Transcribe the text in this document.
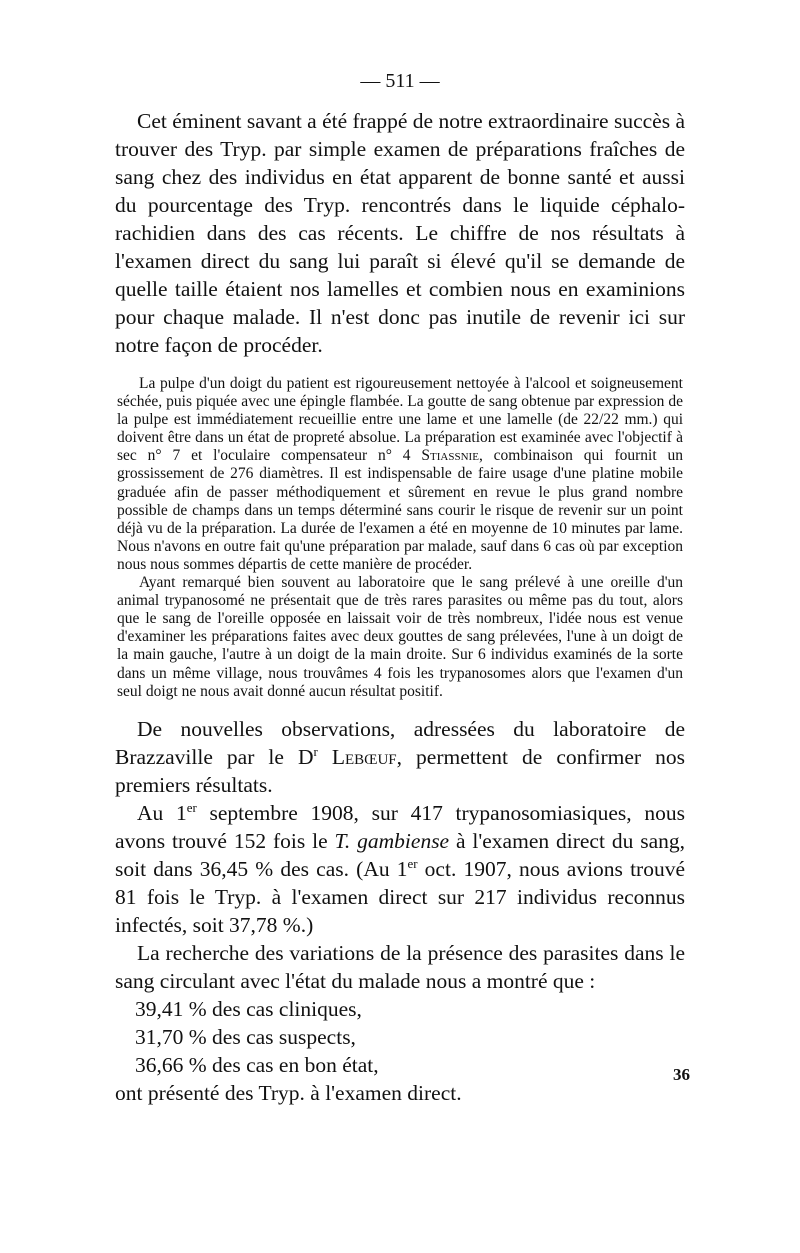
— 511 —

Cet éminent savant a été frappé de notre extraordinaire succès à trouver des Tryp. par simple examen de préparations fraîches de sang chez des individus en état apparent de bonne santé et aussi du pourcentage des Tryp. rencontrés dans le liquide céphalo-rachidien dans des cas récents. Le chiffre de nos résultats à l'examen direct du sang lui paraît si élevé qu'il se demande de quelle taille étaient nos lamelles et combien nous en examinions pour chaque malade. Il n'est donc pas inutile de revenir ici sur notre façon de procéder.

La pulpe d'un doigt du patient est rigoureusement nettoyée à l'alcool et soigneusement séchée, puis piquée avec une épingle flambée. La goutte de sang obtenue par expression de la pulpe est immédiatement recueillie entre une lame et une lamelle (de 22/22 mm.) qui doivent être dans un état de propreté absolue. La préparation est examinée avec l'objectif à sec n° 7 et l'oculaire compensateur n° 4 Stiassnie, combinaison qui fournit un grossissement de 276 diamètres. Il est indispensable de faire usage d'une platine mobile graduée afin de passer méthodiquement et sûrement en revue le plus grand nombre possible de champs dans un temps déterminé sans courir le risque de revenir sur un point déjà vu de la préparation. La durée de l'examen a été en moyenne de 10 minutes par lame. Nous n'avons en outre fait qu'une préparation par malade, sauf dans 6 cas où par exception nous nous sommes départis de cette manière de procéder.

Ayant remarqué bien souvent au laboratoire que le sang prélevé à une oreille d'un animal trypanosomé ne présentait que de très rares parasites ou même pas du tout, alors que le sang de l'oreille opposée en laissait voir de très nombreux, l'idée nous est venue d'examiner les préparations faites avec deux gouttes de sang prélevées, l'une à un doigt de la main gauche, l'autre à un doigt de la main droite. Sur 6 individus examinés de la sorte dans un même village, nous trouvâmes 4 fois les trypanosomes alors que l'examen d'un seul doigt ne nous avait donné aucun résultat positif.

De nouvelles observations, adressées du laboratoire de Brazzaville par le $D^r$ Lebœuf, permettent de confirmer nos premiers résultats.

Au 1er septembre 1908, sur 417 trypanosomiasiques, nous avons trouvé 152 fois le T. gambiense à l'examen direct du sang, soit dans 36,45 % des cas. (Au 1er oct. 1907, nous avions trouvé 81 fois le Tryp. à l'examen direct sur 217 individus reconnus infectés, soit 37,78 %.)

La recherche des variations de la présence des parasites dans le sang circulant avec l'état du malade nous a montré que :

39,41 % des cas cliniques,
31,70 % des cas suspects,
36,66 % des cas en bon état,

ont présenté des Tryp. à l'examen direct.

36
